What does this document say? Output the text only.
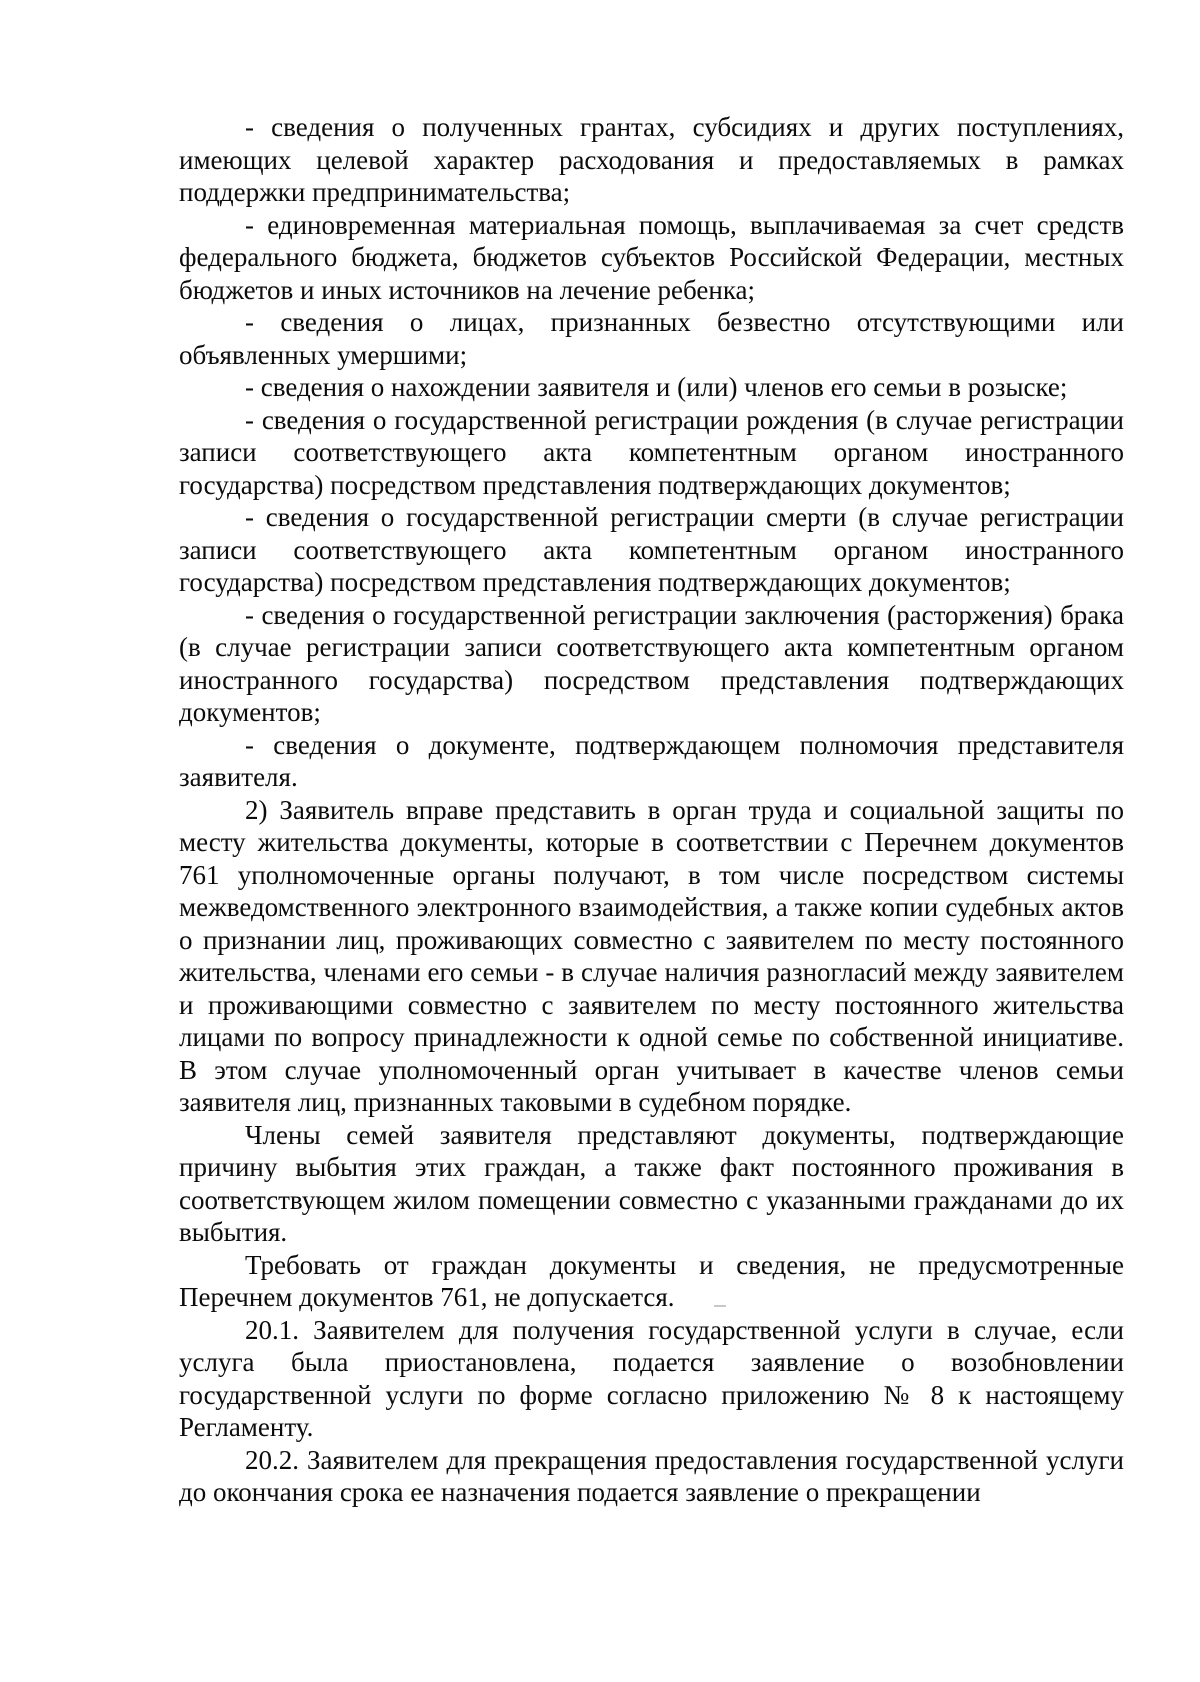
- сведения о полученных грантах, субсидиях и других поступлениях, имеющих целевой характер расходования и предоставляемых в рамках поддержки предпринимательства;

- единовременная материальная помощь, выплачиваемая за счет средств федерального бюджета, бюджетов субъектов Российской Федерации, местных бюджетов и иных источников на лечение ребенка;

- сведения о лицах, признанных безвестно отсутствующими или объявленных умершими;

- сведения о нахождении заявителя и (или) членов его семьи в розыске;

- сведения о государственной регистрации рождения (в случае регистрации записи соответствующего акта компетентным органом иностранного государства) посредством представления подтверждающих документов;

- сведения о государственной регистрации смерти (в случае регистрации записи соответствующего акта компетентным органом иностранного государства) посредством представления подтверждающих документов;

- сведения о государственной регистрации заключения (расторжения) брака (в случае регистрации записи соответствующего акта компетентным органом иностранного государства) посредством представления подтверждающих документов;

- сведения о документе, подтверждающем полномочия представителя заявителя.

2) Заявитель вправе представить в орган труда и социальной защиты по месту жительства документы, которые в соответствии с Перечнем документов 761 уполномоченные органы получают, в том числе посредством системы межведомственного электронного взаимодействия, а также копии судебных актов о признании лиц, проживающих совместно с заявителем по месту постоянного жительства, членами его семьи - в случае наличия разногласий между заявителем и проживающими совместно с заявителем по месту постоянного жительства лицами по вопросу принадлежности к одной семье по собственной инициативе. В этом случае уполномоченный орган учитывает в качестве членов семьи заявителя лиц, признанных таковыми в судебном порядке.

Члены семей заявителя представляют документы, подтверждающие причину выбытия этих граждан, а также факт постоянного проживания в соответствующем жилом помещении совместно с указанными гражданами до их выбытия.

Требовать от граждан документы и сведения, не предусмотренные Перечнем документов 761, не допускается.

20.1. Заявителем для получения государственной услуги в случае, если услуга была приостановлена, подается заявление о возобновлении государственной услуги по форме согласно приложению № 8 к настоящему Регламенту.

20.2. Заявителем для прекращения предоставления государственной услуги до окончания срока ее назначения подается заявление о прекращении
